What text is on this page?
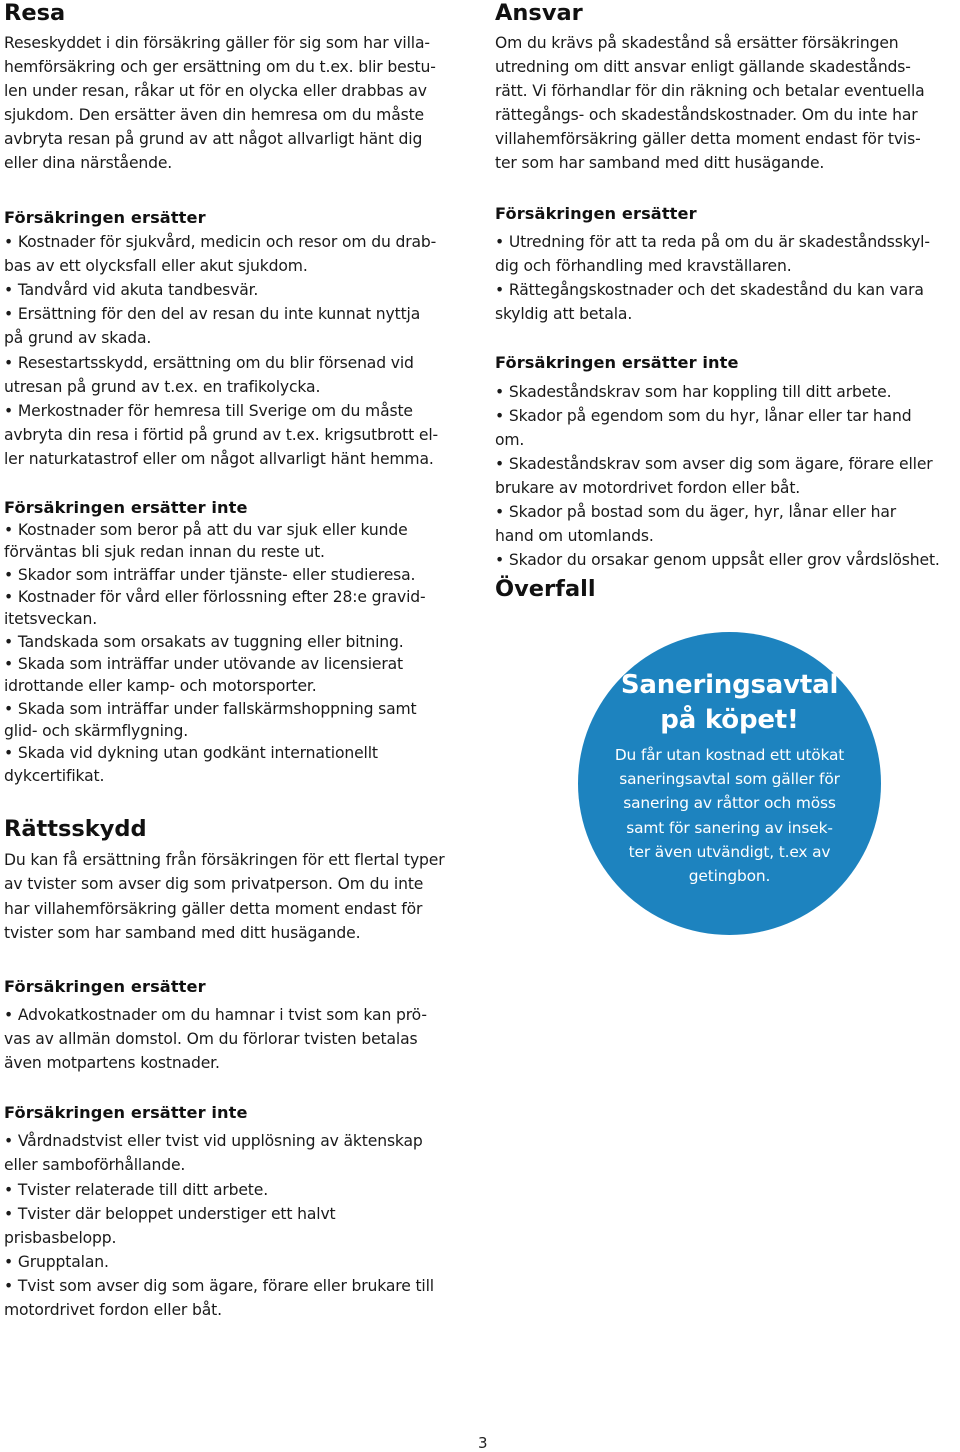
Resa
Reseskyddet i din försäkring gäller för sig som har villa-
hemförsäkring och ger ersättning om du t.ex. blir bestu-
len under resan, råkar ut för en olycka eller drabbas av
sjukdom. Den ersätter även din hemresa om du måste
avbryta resan på grund av att något allvarligt hänt dig
eller dina närstående.
Försäkringen ersätter
• Kostnader för sjukvård, medicin och resor om du drab-
bas av ett olycksfall eller akut sjukdom.
• Tandvård vid akuta tandbesvär.
• Ersättning för den del av resan du inte kunnat nyttja
på grund av skada.
• Resestartsskydd, ersättning om du blir försenad vid
utresan på grund av t.ex. en trafikolycka.
• Merkostnader för hemresa till Sverige om du måste
avbryta din resa i förtid på grund av t.ex. krigsutbrott el-
ler naturkatastrof eller om något allvarligt hänt hemma.
Försäkringen ersätter inte
• Kostnader som beror på att du var sjuk eller kunde
förväntas bli sjuk redan innan du reste ut.
• Skador som inträffar under tjänste- eller studieresa.
• Kostnader för vård eller förlossning efter 28:e gravid-
itetsveckan.
• Tandskada som orsakats av tuggning eller bitning.
• Skada som inträffar under utövande av licensierat
idrottande eller kamp- och motorsporter.
• Skada som inträffar under fallskärmshoppning samt
glid- och skärmflygning.
• Skada vid dykning utan godkänt internationellt
dykcertifikat.
Rättsskydd
Du kan få ersättning från försäkringen för ett flertal typer
av tvister som avser dig som privatperson. Om du inte
har villahemförsäkring gäller detta moment endast för
tvister som har samband med ditt husägande.
Försäkringen ersätter
• Advokatkostnader om du hamnar i tvist som kan prö-
vas av allmän domstol. Om du förlorar tvisten betalas
även motpartens kostnader.
Försäkringen ersätter inte
• Vårdnadstvist eller tvist vid upplösning av äktenskap
eller samboförhållande.
• Tvister relaterade till ditt arbete.
• Tvister där beloppet understiger ett halvt
prisbasbelopp.
• Grupptalan.
• Tvist som avser dig som ägare, förare eller brukare till
motordrivet fordon eller båt.
Ansvar
Om du krävs på skadestånd så ersätter försäkringen
utredning om ditt ansvar enligt gällande skadestånds-
rätt. Vi förhandlar för din räkning och betalar eventuella
rättegångs- och skadeståndskostnader. Om du inte har
villahemförsäkring gäller detta moment endast för tvis-
ter som har samband med ditt husägande.
Försäkringen ersätter
• Utredning för att ta reda på om du är skadeståndsskyl-
dig och förhandling med kravställaren.
• Rättegångskostnader och det skadestånd du kan vara
skyldig att betala.
Försäkringen ersätter inte
• Skadeståndskrav som har koppling till ditt arbete.
• Skador på egendom som du hyr, lånar eller tar hand
om.
• Skadeståndskrav som avser dig som ägare, förare eller
brukare av motordrivet fordon eller båt.
• Skador på bostad som du äger, hyr, lånar eller har
hand om utomlands.
• Skador du orsakar genom uppsåt eller grov vårdslöshet.
Överfall
Saneringsavtal
på köpet!
Du får utan kostnad ett utökat
saneringsavtal som gäller för
sanering av råttor och möss
samt för sanering av insek-
ter även utvändigt, t.ex av
getingbon.
3
